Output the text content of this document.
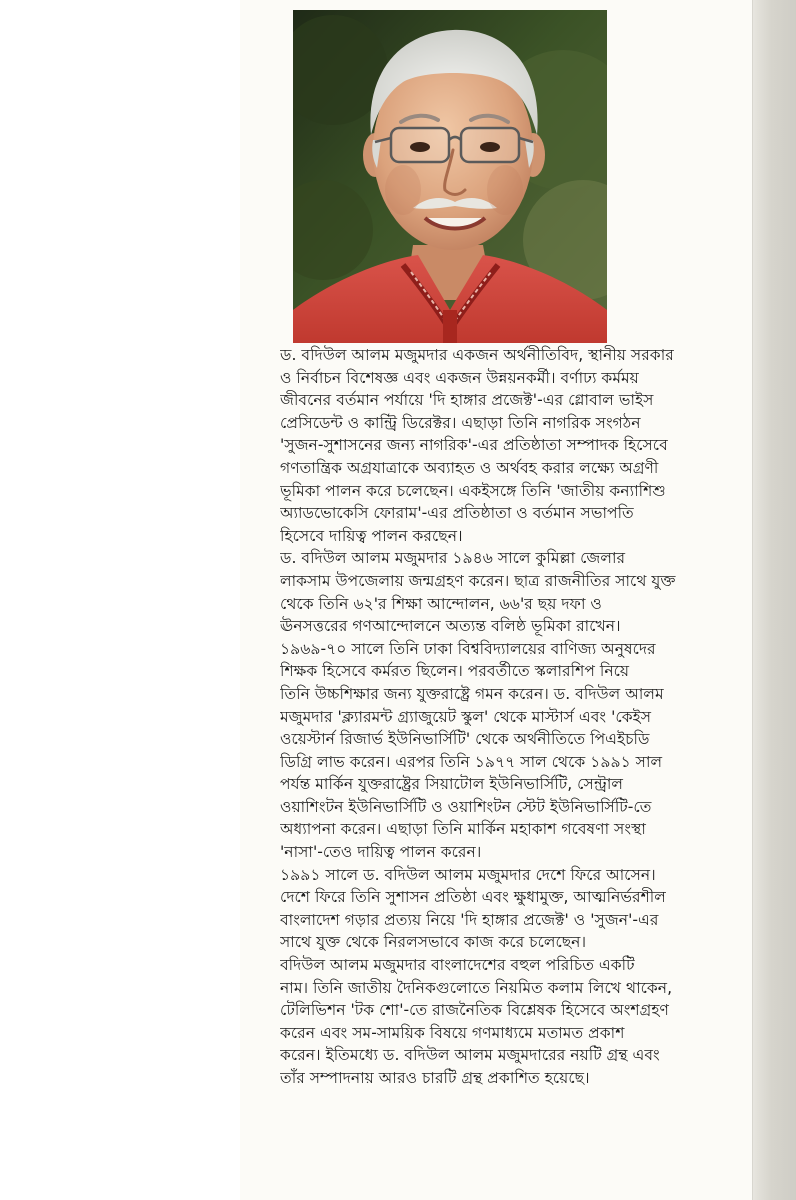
ড. বদিউল আলম মজুমদার একজন অর্থনীতিবিদ, স্থানীয় সরকার
ও নির্বাচন বিশেষজ্ঞ এবং একজন উন্নয়নকর্মী। বর্ণাঢ্য কর্মময়
জীবনের বর্তমান পর্যায়ে 'দি হাঙ্গার প্রজেক্ট'-এর গ্লোবাল ভাইস
প্রেসিডেন্ট ও কান্ট্রি ডিরেক্টর। এছাড়া তিনি নাগরিক সংগঠন
'সুজন-সুশাসনের জন্য নাগরিক'-এর প্রতিষ্ঠাতা সম্পাদক হিসেবে
গণতান্ত্রিক অগ্রযাত্রাকে অব্যাহত ও অর্থবহ করার লক্ষ্যে অগ্রণী
ভূমিকা পালন করে চলেছেন। একইসঙ্গে তিনি 'জাতীয় কন্যাশিশু
অ্যাডভোকেসি ফোরাম'-এর প্রতিষ্ঠাতা ও বর্তমান সভাপতি
হিসেবে দায়িত্ব পালন করছেন।
ড. বদিউল আলম মজুমদার ১৯৪৬ সালে কুমিল্লা জেলার
লাকসাম উপজেলায় জন্মগ্রহণ করেন। ছাত্র রাজনীতির সাথে যুক্ত
থেকে তিনি ৬২'র শিক্ষা আন্দোলন, ৬৬'র ছয় দফা ও
ঊনসত্তরের গণআন্দোলনে অত্যন্ত বলিষ্ঠ ভূমিকা রাখেন।
১৯৬৯-৭০ সালে তিনি ঢাকা বিশ্ববিদ্যালয়ের বাণিজ্য অনুষদের
শিক্ষক হিসেবে কর্মরত ছিলেন। পরবর্তীতে স্কলারশিপ নিয়ে
তিনি উচ্চশিক্ষার জন্য যুক্তরাষ্ট্রে গমন করেন। ড. বদিউল আলম
মজুমদার 'ক্ল্যারমন্ট গ্র্যাজুয়েট স্কুল' থেকে মাস্টার্স এবং 'কেইস
ওয়েস্টার্ন রিজার্ভ ইউনিভার্সিটি' থেকে অর্থনীতিতে পিএইচডি
ডিগ্রি লাভ করেন। এরপর তিনি ১৯৭৭ সাল থেকে ১৯৯১ সাল
পর্যন্ত মার্কিন যুক্তরাষ্ট্রের সিয়াটোল ইউনিভার্সিটি, সেন্ট্রাল
ওয়াশিংটন ইউনিভার্সিটি ও ওয়াশিংটন স্টেট ইউনিভার্সিটি-তে
অধ্যাপনা করেন। এছাড়া তিনি মার্কিন মহাকাশ গবেষণা সংস্থা
'নাসা'-তেও দায়িত্ব পালন করেন।
১৯৯১ সালে ড. বদিউল আলম মজুমদার দেশে ফিরে আসেন।
দেশে ফিরে তিনি সুশাসন প্রতিষ্ঠা এবং ক্ষুধামুক্ত, আত্মনির্ভরশীল
বাংলাদেশ গড়ার প্রত্যয় নিয়ে 'দি হাঙ্গার প্রজেক্ট' ও 'সুজন'-এর
সাথে যুক্ত থেকে নিরলসভাবে কাজ করে চলেছেন।
বদিউল আলম মজুমদার বাংলাদেশের বহুল পরিচিত একটি
নাম। তিনি জাতীয় দৈনিকগুলোতে নিয়মিত কলাম লিখে থাকেন,
টেলিভিশন 'টক শো'-তে রাজনৈতিক বিশ্লেষক হিসেবে অংশগ্রহণ
করেন এবং সম-সাময়িক বিষয়ে গণমাধ্যমে মতামত প্রকাশ
করেন। ইতিমধ্যে ড. বদিউল আলম মজুমদারের নয়টি গ্রন্থ এবং
তাঁর সম্পাদনায় আরও চারটি গ্রন্থ প্রকাশিত হয়েছে।
